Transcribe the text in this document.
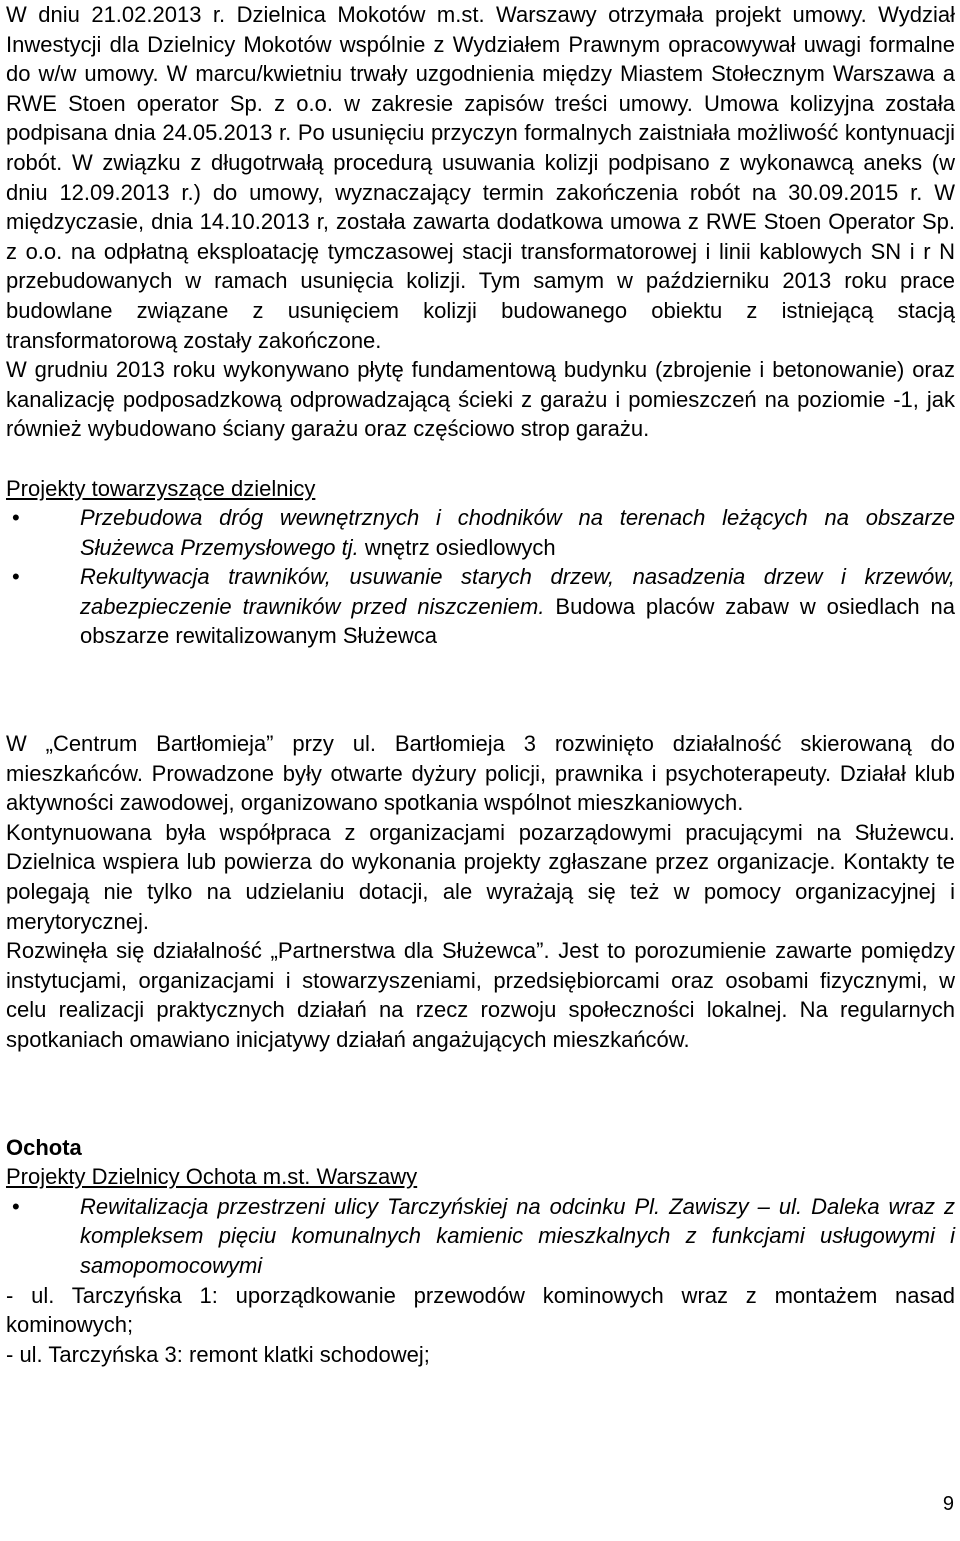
W dniu 21.02.2013 r. Dzielnica Mokotów m.st. Warszawy otrzymała projekt umowy. Wydział Inwestycji dla Dzielnicy Mokotów wspólnie z Wydziałem Prawnym opracowywał uwagi formalne do w/w umowy. W marcu/kwietniu trwały uzgodnienia między Miastem Stołecznym Warszawa a RWE Stoen operator Sp. z o.o. w zakresie zapisów treści umowy. Umowa kolizyjna została podpisana dnia 24.05.2013 r. Po usunięciu przyczyn formalnych zaistniała możliwość kontynuacji robót. W związku z długotrwałą procedurą usuwania kolizji podpisano z wykonawcą aneks (w dniu 12.09.2013 r.) do umowy, wyznaczający termin zakończenia robót na 30.09.2015 r. W międzyczasie, dnia 14.10.2013 r, została zawarta dodatkowa umowa z RWE Stoen Operator Sp. z o.o. na odpłatną eksploatację tymczasowej stacji transformatorowej i linii kablowych SN i r N przebudowanych w ramach usunięcia kolizji. Tym samym w październiku 2013 roku prace budowlane związane z usunięciem kolizji budowanego obiektu z istniejącą stacją transformatorową zostały zakończone.

W grudniu 2013 roku wykonywano płytę fundamentową budynku (zbrojenie i betonowanie) oraz kanalizację podposadzkową odprowadzającą ścieki z garażu i pomieszczeń na poziomie -1, jak również wybudowano ściany garażu oraz częściowo strop garażu.

Projekty towarzyszące dzielnicy

•	Przebudowa dróg wewnętrznych i chodników na terenach leżących na obszarze Służewca Przemysłowego tj. wnętrz osiedlowych
•	Rekultywacja trawników, usuwanie starych drzew, nasadzenia drzew i krzewów, zabezpieczenie trawników przed niszczeniem. Budowa placów zabaw w osiedlach na obszarze rewitalizowanym Służewca

W „Centrum Bartłomieja” przy ul. Bartłomieja 3 rozwinięto działalność skierowaną do mieszkańców. Prowadzone były otwarte dyżury policji, prawnika i psychoterapeuty. Działał klub aktywności zawodowej, organizowano spotkania wspólnot mieszkaniowych.

Kontynuowana była współpraca z organizacjami pozarządowymi pracującymi na Służewcu. Dzielnica wspiera lub powierza do wykonania projekty zgłaszane przez organizacje. Kontakty te polegają nie tylko na udzielaniu dotacji, ale wyrażają się też w pomocy organizacyjnej i merytorycznej.

Rozwinęła się działalność „Partnerstwa dla Służewca”. Jest to porozumienie zawarte pomiędzy instytucjami, organizacjami i stowarzyszeniami, przedsiębiorcami oraz osobami fizycznymi, w celu realizacji praktycznych działań na rzecz rozwoju społeczności lokalnej. Na regularnych spotkaniach omawiano inicjatywy działań angażujących mieszkańców.

Ochota

Projekty Dzielnicy Ochota m.st. Warszawy

•	Rewitalizacja przestrzeni ulicy Tarczyńskiej na odcinku Pl. Zawiszy – ul. Daleka wraz z kompleksem pięciu komunalnych kamienic mieszkalnych z funkcjami usługowymi i samopomocowymi

- ul. Tarczyńska 1: uporządkowanie przewodów kominowych wraz z montażem nasad kominowych;

- ul. Tarczyńska 3: remont klatki schodowej;

9
